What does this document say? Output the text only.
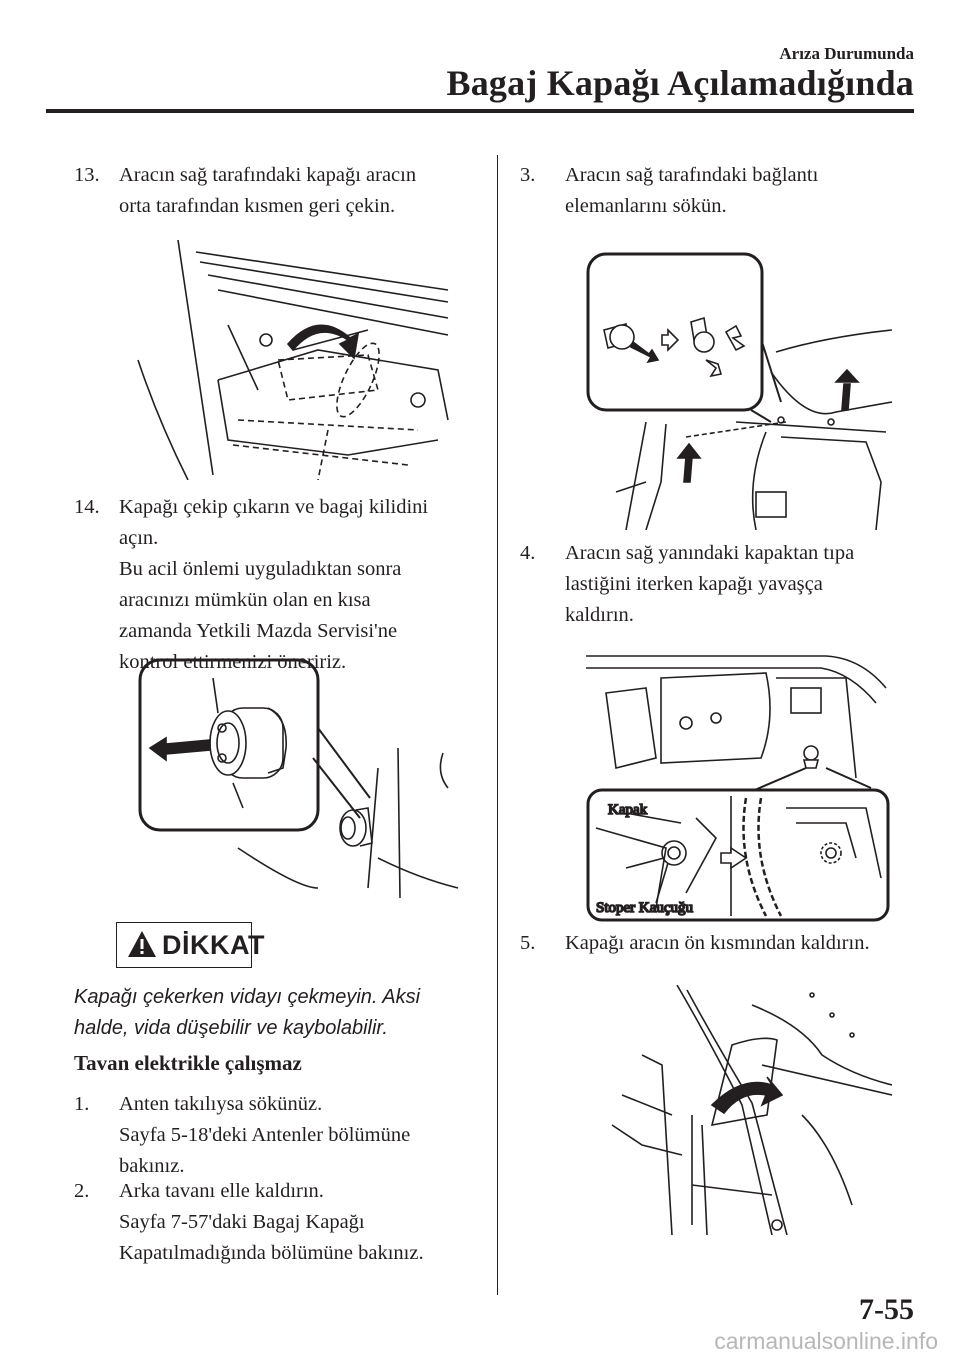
Arıza Durumunda
Bagaj Kapağı Açılamadığında
13. Aracın sağ tarafındaki kapağı aracın
orta tarafından kısmen geri çekin.
14. Kapağı çekip çıkarın ve bagaj kilidini
açın.
Bu acil önlemi uyguladıktan sonra
aracınızı mümkün olan en kısa
zamanda Yetkili Mazda Servisi'ne
kontrol ettirmenizi öneririz.
DİKKAT
Kapağı çekerken vidayı çekmeyin. Aksi
halde, vida düşebilir ve kaybolabilir.
Tavan elektrikle çalışmaz
1. Anten takılıysa sökünüz.
Sayfa 5-18'deki Antenler bölümüne
bakınız.
2. Arka tavanı elle kaldırın.
Sayfa 7-57'daki Bagaj Kapağı
Kapatılmadığında bölümüne bakınız.
3. Aracın sağ tarafındaki bağlantı
elemanlarını sökün.
4. Aracın sağ yanındaki kapaktan tıpa
lastiğini iterken kapağı yavaşça
kaldırın.
Kapak
Stoper Kauçuğu
5. Kapağı aracın ön kısmından kaldırın.
7-55
carmanualsonline.info
